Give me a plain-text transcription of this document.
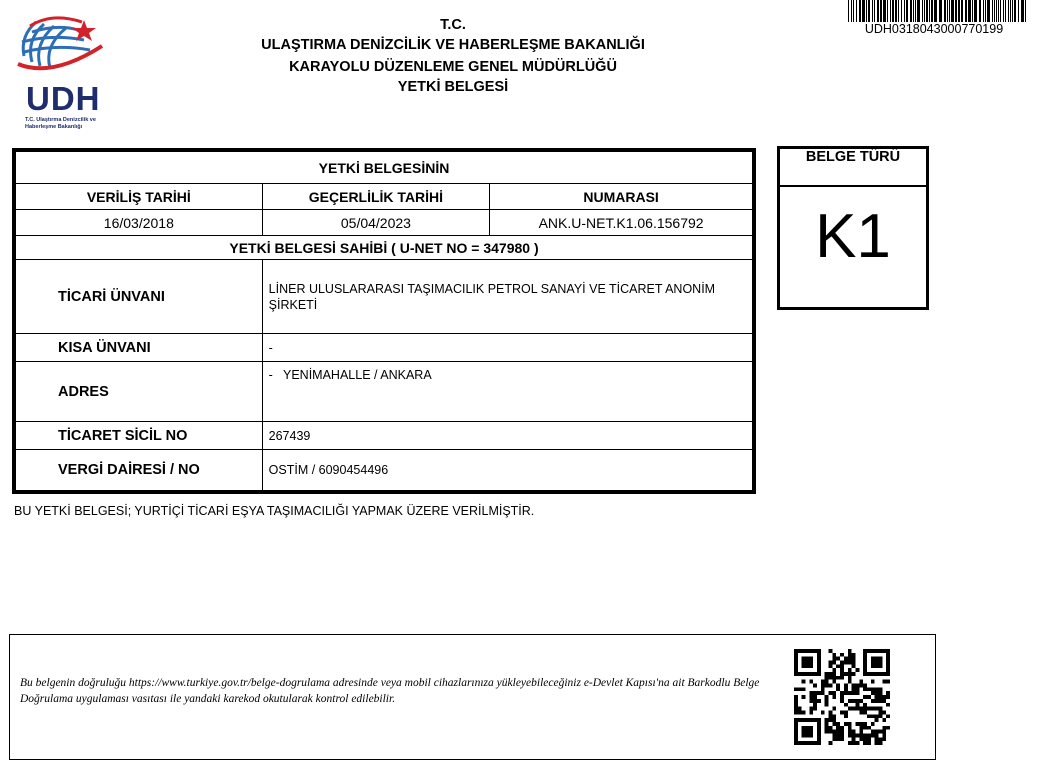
UDH
T.C. Ulaştırma Denizcilik ve Haberleşme Bakanlığı
T.C.
ULAŞTIRMA DENİZCİLİK VE HABERLEŞME BAKANLIĞI
KARAYOLU DÜZENLEME GENEL MÜDÜRLÜĞÜ
YETKİ BELGESİ
UDH0318043000770199
YETKİ BELGESİNİN		
VERİLİŞ TARİHİ	GEÇERLİLİK TARİHİ	NUMARASI
16/03/2018	05/04/2023	ANK.U-NET.K1.06.156792
YETKİ BELGESİ SAHİBİ ( U-NET NO = 347980 )		
TİCARİ ÜNVANI	LİNER ULUSLARARASI TAŞIMACILIK PETROL SANAYİ VE TİCARET ANONİM ŞİRKETİ	
KISA ÜNVANI	-	
ADRES	-   YENİMAHALLE / ANKARA	
TİCARET SİCİL NO	267439	
VERGİ DAİRESİ / NO	OSTİM / 6090454496	
BELGE TÜRÜ
K1
BU YETKİ BELGESİ; YURTİÇİ TİCARİ EŞYA TAŞIMACILIĞI YAPMAK ÜZERE VERİLMİŞTİR.
Bu belgenin doğruluğu https://www.turkiye.gov.tr/belge-dogrulama adresinde veya mobil cihazlarınıza yükleyebileceğiniz e-Devlet Kapısı'na ait Barkodlu Belge Doğrulama uygulaması vasıtası ile yandaki karekod okutularak kontrol edilebilir.
